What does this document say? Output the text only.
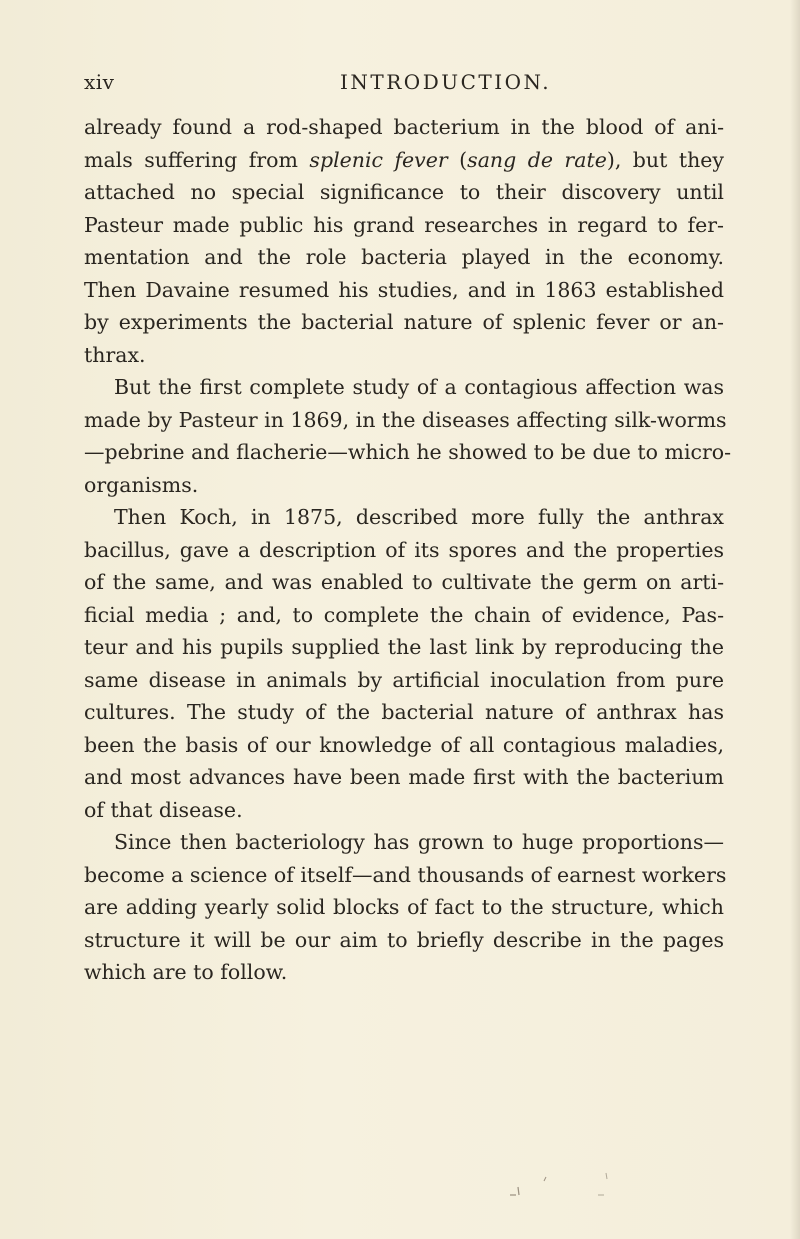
xiv	INTRODUCTION.
already found a rod-shaped bacterium in the blood of ani-
mals suffering from splenic fever (sang de rate), but they
attached no special significance to their discovery until
Pasteur made public his grand researches in regard to fer-
mentation and the role bacteria played in the economy.
Then Davaine resumed his studies, and in 1863 established
by experiments the bacterial nature of splenic fever or an-
thrax.
But the first complete study of a contagious affection was
made by Pasteur in 1869, in the diseases affecting silk-worms
—pebrine and flacherie—which he showed to be due to micro-
organisms.
Then Koch, in 1875, described more fully the anthrax
bacillus, gave a description of its spores and the properties
of the same, and was enabled to cultivate the germ on arti-
ficial media ; and, to complete the chain of evidence, Pas-
teur and his pupils supplied the last link by reproducing the
same disease in animals by artificial inoculation from pure
cultures. The study of the bacterial nature of anthrax has
been the basis of our knowledge of all contagious maladies,
and most advances have been made first with the bacterium
of that disease.
Since then bacteriology has grown to huge proportions—
become a science of itself—and thousands of earnest workers
are adding yearly solid blocks of fact to the structure, which
structure it will be our aim to briefly describe in the pages
which are to follow.
